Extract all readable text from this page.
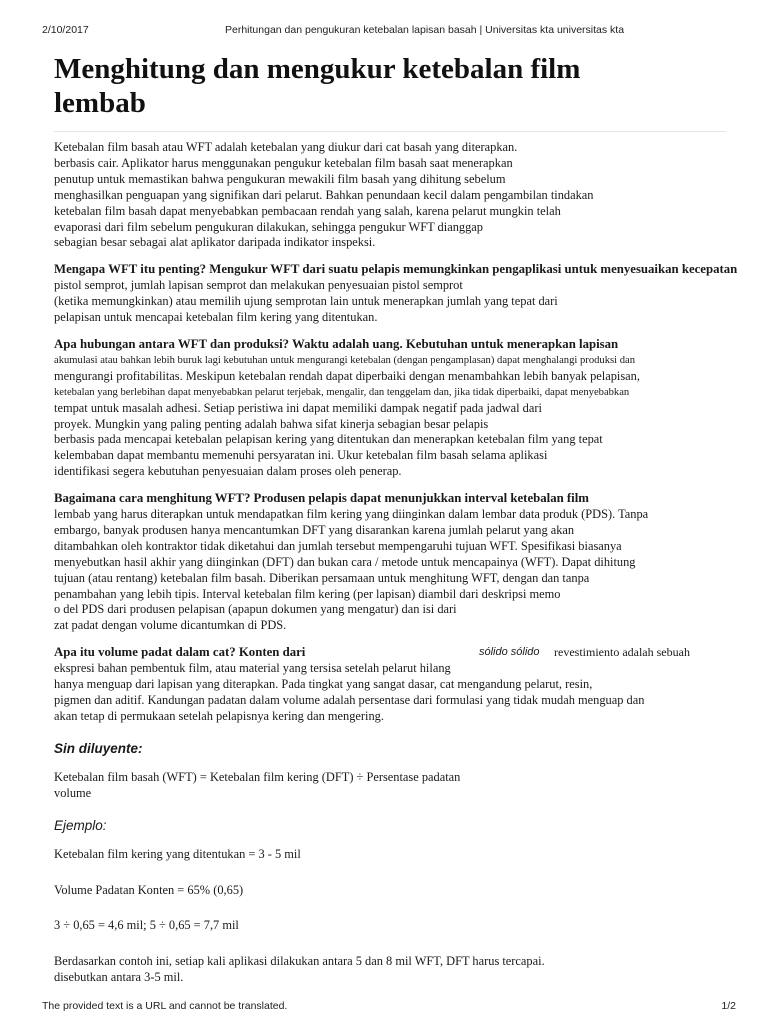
2/10/2017	Perhitungan dan pengukuran ketebalan lapisan basah | Universitas kta universitas kta
Menghitung dan mengukur ketebalan film
lembab
Ketebalan film basah atau WFT adalah ketebalan yang diukur dari cat basah yang diterapkan.
berbasis cair. Aplikator harus menggunakan pengukur ketebalan film basah saat menerapkan
penutup untuk memastikan bahwa pengukuran mewakili film basah yang dihitung sebelum
menghasilkan penguapan yang signifikan dari pelarut. Bahkan penundaan kecil dalam pengambilan tindakan
ketebalan film basah dapat menyebabkan pembacaan rendah yang salah, karena pelarut mungkin telah
evaporasi dari film sebelum pengukuran dilakukan, sehingga pengukur WFT dianggap
sebagian besar sebagai alat aplikator daripada indikator inspeksi.
Mengapa WFT itu penting? Mengukur WFT dari suatu pelapis memungkinkan pengaplikasi untuk menyesuaikan kecepatan
pistol semprot, jumlah lapisan semprot dan melakukan penyesuaian pistol semprot
(ketika memungkinkan) atau memilih ujung semprotan lain untuk menerapkan jumlah yang tepat dari
pelapisan untuk mencapai ketebalan film kering yang ditentukan.
Apa hubungan antara WFT dan produksi? Waktu adalah uang. Kebutuhan untuk menerapkan lapisan
akumulasi atau bahkan lebih buruk lagi kebutuhan untuk mengurangi ketebalan (dengan pengamplasan) dapat menghalangi produksi dan
mengurangi profitabilitas. Meskipun ketebalan rendah dapat diperbaiki dengan menambahkan lebih banyak pelapisan,
ketebalan yang berlebihan dapat menyebabkan pelarut terjebak, mengalir, dan tenggelam dan, jika tidak diperbaiki, dapat menyebabkan
tempat untuk masalah adhesi. Setiap peristiwa ini dapat memiliki dampak negatif pada jadwal dari
proyek. Mungkin yang paling penting adalah bahwa sifat kinerja sebagian besar pelapis
berbasis pada mencapai ketebalan pelapisan kering yang ditentukan dan menerapkan ketebalan film yang tepat
kelembaban dapat membantu memenuhi persyaratan ini. Ukur ketebalan film basah selama aplikasi
identifikasi segera kebutuhan penyesuaian dalam proses oleh penerap.
Bagaimana cara menghitung WFT? Produsen pelapis dapat menunjukkan interval ketebalan film
lembab yang harus diterapkan untuk mendapatkan film kering yang diinginkan dalam lembar data produk (PDS). Tanpa
embargo, banyak produsen hanya mencantumkan DFT yang disarankan karena jumlah pelarut yang akan
ditambahkan oleh kontraktor tidak diketahui dan jumlah tersebut mempengaruhi tujuan WFT. Spesifikasi biasanya
menyebutkan hasil akhir yang diinginkan (DFT) dan bukan cara / metode untuk mencapainya (WFT). Dapat dihitung
tujuan (atau rentang) ketebalan film basah. Diberikan persamaan untuk menghitung WFT, dengan dan tanpa
penambahan yang lebih tipis. Interval ketebalan film kering (per lapisan) diambil dari deskripsi memo
o del PDS dari produsen pelapisan (apapun dokumen yang mengatur) dan isi dari
zat padat dengan volume dicantumkan di PDS.
Apa itu volume padat dalam cat? Konten dari	sólido sólido revestimiento adalah sebuah
ekspresi bahan pembentuk film, atau material yang tersisa setelah pelarut hilang
hanya menguap dari lapisan yang diterapkan. Pada tingkat yang sangat dasar, cat mengandung pelarut, resin,
pigmen dan aditif. Kandungan padatan dalam volume adalah persentase dari formulasi yang tidak mudah menguap dan
akan tetap di permukaan setelah pelapisnya kering dan mengering.
Sin diluyente:
Ketebalan film basah (WFT) = Ketebalan film kering (DFT) ÷ Persentase padatan
volume
Ejemplo:
Ketebalan film kering yang ditentukan = 3 - 5 mil
Volume Padatan Konten = 65% (0,65)
3 ÷ 0,65 = 4,6 mil; 5 ÷ 0,65 = 7,7 mil
Berdasarkan contoh ini, setiap kali aplikasi dilakukan antara 5 dan 8 mil WFT, DFT harus tercapai.
disebutkan antara 3-5 mil.
The provided text is a URL and cannot be translated.	1/2
